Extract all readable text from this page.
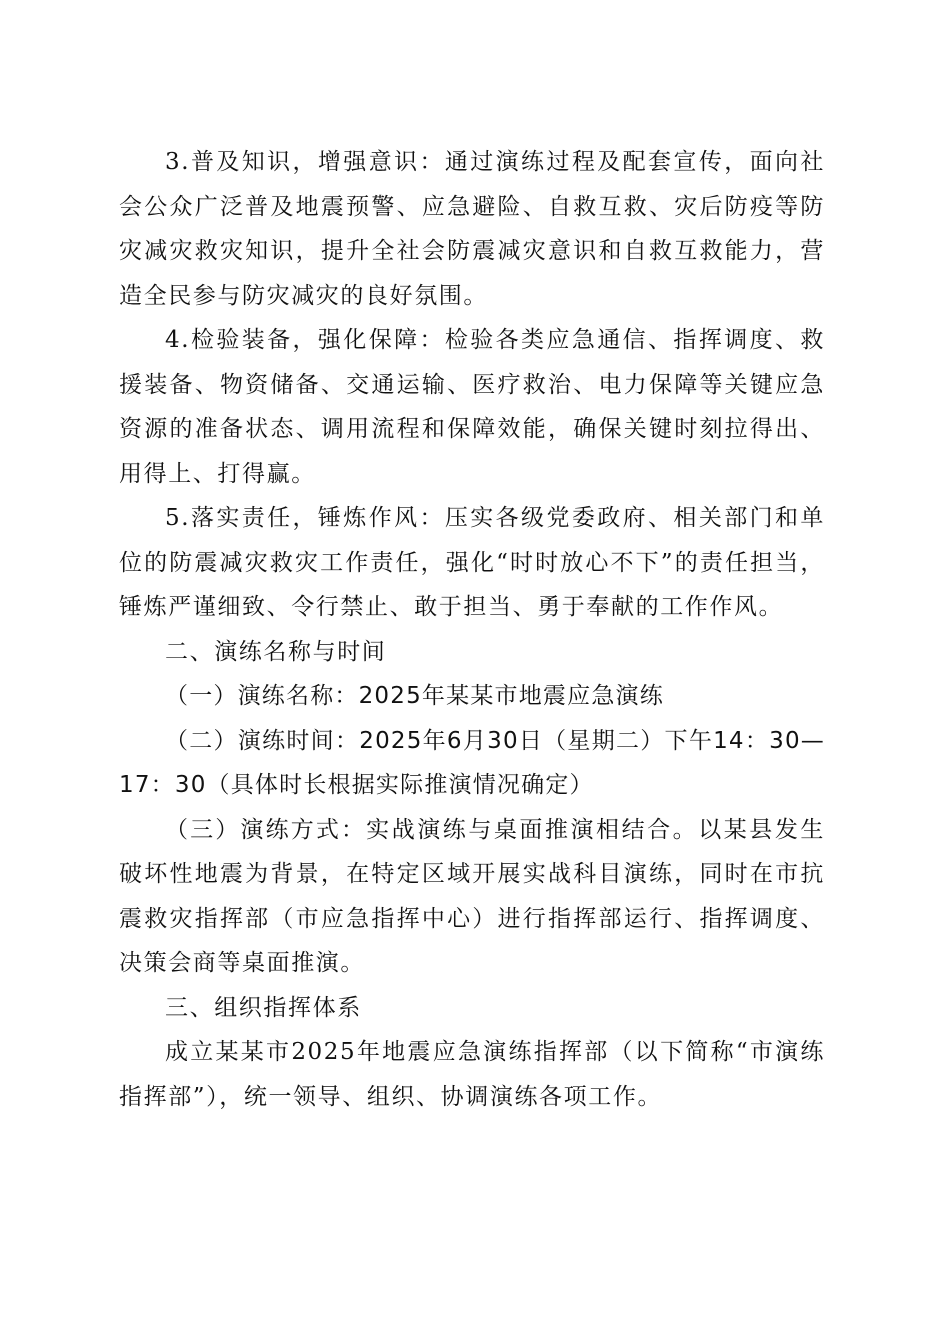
3.普及知识，增强意识：通过演练过程及配套宣传，面向社会公众广泛普及地震预警、应急避险、自救互救、灾后防疫等防灾减灾救灾知识，提升全社会防震减灾意识和自救互救能力，营造全民参与防灾减灾的良好氛围。

4.检验装备，强化保障：检验各类应急通信、指挥调度、救援装备、物资储备、交通运输、医疗救治、电力保障等关键应急资源的准备状态、调用流程和保障效能，确保关键时刻拉得出、用得上、打得赢。

5.落实责任，锤炼作风：压实各级党委政府、相关部门和单位的防震减灾救灾工作责任，强化“时时放心不下”的责任担当，锤炼严谨细致、令行禁止、敢于担当、勇于奉献的工作作风。

二、演练名称与时间

（一）演练名称：2025年某某市地震应急演练

（二）演练时间：2025年6月30日（星期二）下午14：30—17：30（具体时长根据实际推演情况确定）

（三）演练方式：实战演练与桌面推演相结合。以某县发生破坏性地震为背景，在特定区域开展实战科目演练，同时在市抗震救灾指挥部（市应急指挥中心）进行指挥部运行、指挥调度、决策会商等桌面推演。

三、组织指挥体系

成立某某市2025年地震应急演练指挥部（以下简称“市演练指挥部”），统一领导、组织、协调演练各项工作。
